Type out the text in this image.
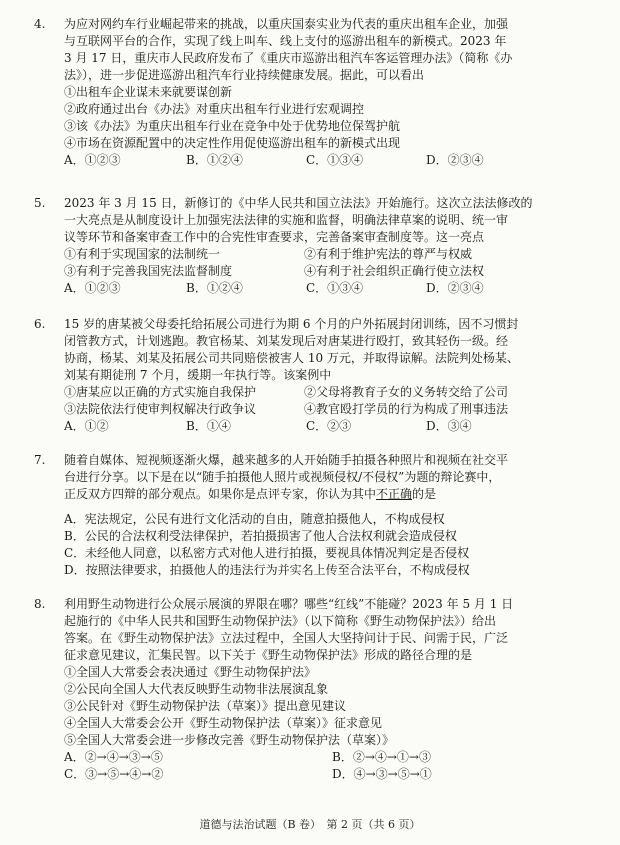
4. 为应对网约车行业崛起带来的挑战，以重庆国泰实业为代表的重庆出租车企业，加强
与互联网平台的合作，实现了线上叫车、线上支付的巡游出租车的新模式。2023 年
3 月 17 日，重庆市人民政府发布了《重庆市巡游出租汽车客运管理办法》（简称《办
法》），进一步促进巡游出租汽车行业持续健康发展。据此，可以看出
①出租车企业谋未来就要谋创新
②政府通过出台《办法》对重庆出租车行业进行宏观调控
③该《办法》为重庆出租车行业在竞争中处于优势地位保驾护航
④市场在资源配置中的决定性作用促使巡游出租车的新模式出现
A．①②③	B．①②④	C．①③④	D．②③④
5. 2023 年 3 月 15 日，新修订的《中华人民共和国立法法》开始施行。这次立法法修改的
一大亮点是从制度设计上加强宪法法律的实施和监督，明确法律草案的说明、统一审
议等环节和备案审查工作中的合宪性审查要求，完善备案审查制度等。这一亮点
①有利于实现国家的法制统一	②有利于维护宪法的尊严与权威
③有利于完善我国宪法监督制度	④有利于社会组织正确行使立法权
A．①②③	B．①②④	C．①③④	D．②③④
6. 15 岁的唐某被父母委托给拓展公司进行为期 6 个月的户外拓展封闭训练，因不习惯封
闭管教方式，计划逃跑。教官杨某、刘某发现后对唐某进行殴打，致其轻伤一级。经
协商，杨某、刘某及拓展公司共同赔偿被害人 10 万元，并取得谅解。法院判处杨某、
刘某有期徒刑 7 个月，缓期一年执行等。该案例中
①唐某应以正确的方式实施自我保护	②父母将教育子女的义务转交给了公司
③法院依法行使审判权解决行政争议	④教官殴打学员的行为构成了刑事违法
A．①②	B．①④	C．②③	D．③④
7. 随着自媒体、短视频逐渐火爆，越来越多的人开始随手拍摄各种照片和视频在社交平
台进行分享。以下是在以“随手拍摄他人照片或视频侵权/不侵权”为题的辩论赛中，
正反双方四辩的部分观点。如果你是点评专家，你认为其中不正确的是
A．宪法规定，公民有进行文化活动的自由，随意拍摄他人，不构成侵权
B．公民的合法权利受法律保护，若拍摄损害了他人合法权利就会造成侵权
C．未经他人同意，以私密方式对他人进行拍摄，要视具体情况判定是否侵权
D．按照法律要求，拍摄他人的违法行为并实名上传至合法平台，不构成侵权
8. 利用野生动物进行公众展示展演的界限在哪？哪些“红线”不能碰？2023 年 5 月 1 日
起施行的《中华人民共和国野生动物保护法》（以下简称《野生动物保护法》）给出
答案。在《野生动物保护法》立法过程中，全国人大坚持问计于民、问需于民，广泛
征求意见建议，汇集民智。以下关于《野生动物保护法》形成的路径合理的是
①全国人大常委会表决通过《野生动物保护法》
②公民向全国人大代表反映野生动物非法展演乱象
③公民针对《野生动物保护法（草案）》提出意见建议
④全国人大常委会公开《野生动物保护法（草案）》征求意见
⑤全国人大常委会进一步修改完善《野生动物保护法（草案）》
A．②→④→③→⑤	B．②→④→①→③
C．③→⑤→④→②	D．④→③→⑤→①
道德与法治试题（B 卷）　第 2 页（共 6 页）
